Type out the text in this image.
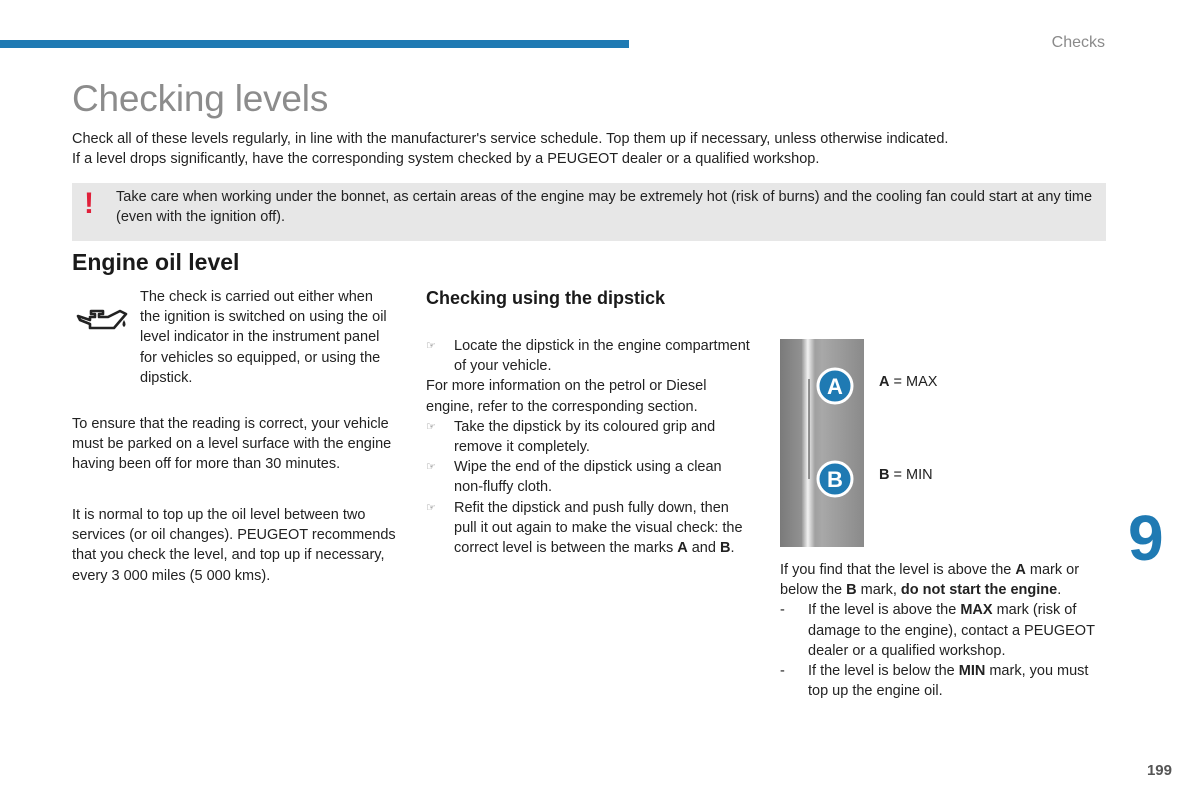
Checks
Checking levels

Check all of these levels regularly, in line with the manufacturer's service schedule. Top them up if necessary, unless otherwise indicated.

If a level drops significantly, have the corresponding system checked by a PEUGEOT dealer or a qualified workshop.

! Take care when working under the bonnet, as certain areas of the engine may be extremely hot (risk of burns) and the cooling fan could start at any time (even with the ignition off).
Engine oil level
The check is carried out either when the ignition is switched on using the oil level indicator in the instrument panel for vehicles so equipped, or using the dipstick.
To ensure that the reading is correct, your vehicle must be parked on a level surface with the engine having been off for more than 30 minutes.
It is normal to top up the oil level between two services (or oil changes). PEUGEOT recommends that you check the level, and top up if necessary, every 3 000 miles (5 000 kms).
Checking using the dipstick
☞ Locate the dipstick in the engine compartment of your vehicle.

For more information on the petrol or Diesel engine, refer to the corresponding section.

☞ Take the dipstick by its coloured grip and remove it completely.
☞ Wipe the end of the dipstick using a clean non-fluffy cloth.
☞ Refit the dipstick and push fully down, then pull it out again to make the visual check: the correct level is between the marks A and B.
A
B
A = MAX
B = MIN

If you find that the level is above the A mark or below the B mark, do not start the engine.

- If the level is above the MAX mark (risk of damage to the engine), contact a PEUGEOT dealer or a qualified workshop.
- If the level is below the MIN mark, you must top up the engine oil.
9
199
